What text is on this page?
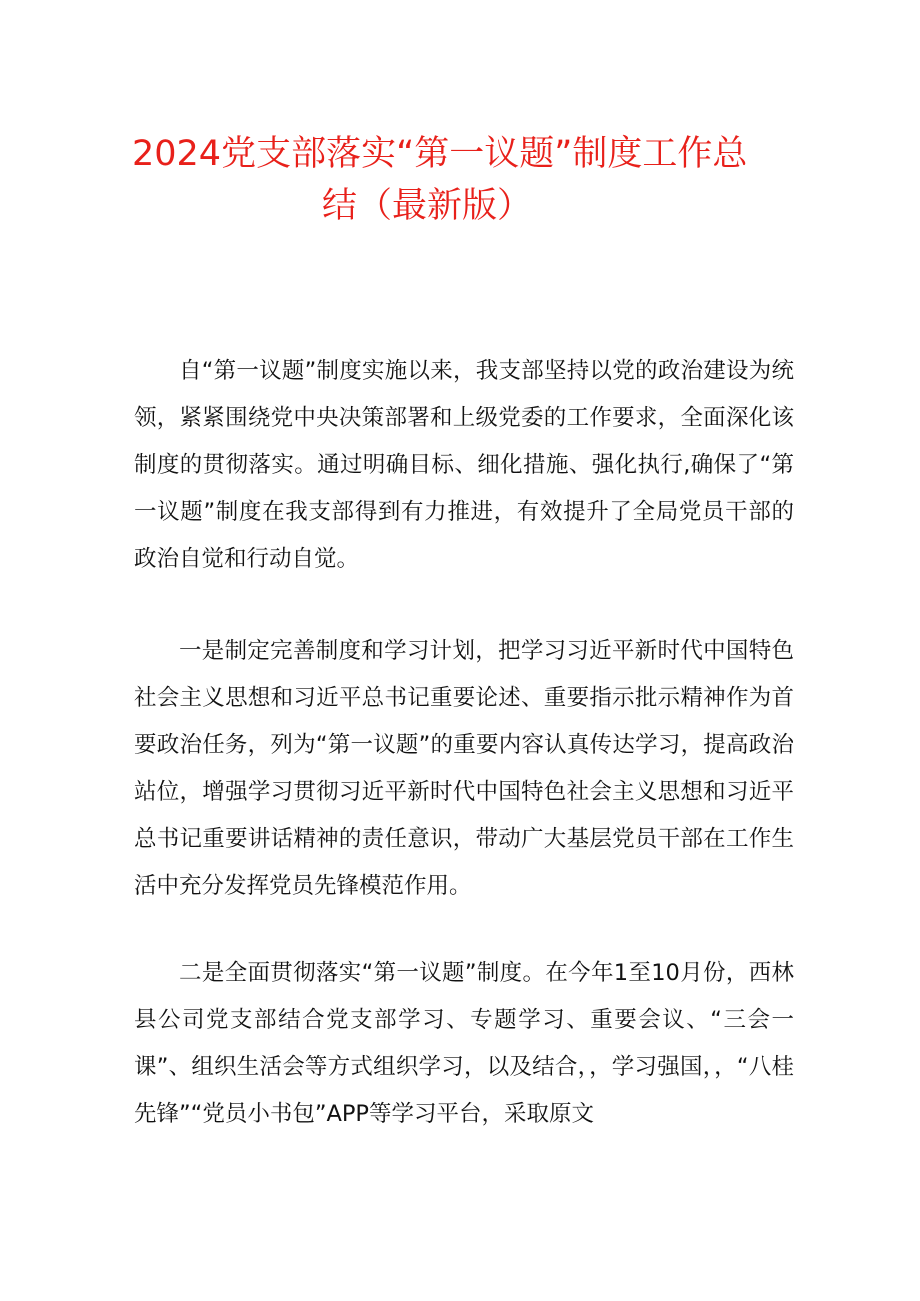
2024党支部落实“第一议题”制度工作总
结（最新版）

自“第一议题”制度实施以来，我支部坚持以党的政治建设为统领，紧紧围绕党中央决策部署和上级党委的工作要求，全面深化该制度的贯彻落实。通过明确目标、细化措施、强化执行,确保了“第一议题”制度在我支部得到有力推进，有效提升了全局党员干部的政治自觉和行动自觉。

一是制定完善制度和学习计划，把学习习近平新时代中国特色社会主义思想和习近平总书记重要论述、重要指示批示精神作为首要政治任务，列为“第一议题”的重要内容认真传达学习，提高政治站位，增强学习贯彻习近平新时代中国特色社会主义思想和习近平总书记重要讲话精神的责任意识，带动广大基层党员干部在工作生活中充分发挥党员先锋模范作用。

二是全面贯彻落实“第一议题”制度。在今年1至10月份，西林县公司党支部结合党支部学习、专题学习、重要会议、“三会一课”、组织生活会等方式组织学习，以及结合，，学习强国，，“八桂先锋”“党员小书包”APP等学习平台，采取原文
